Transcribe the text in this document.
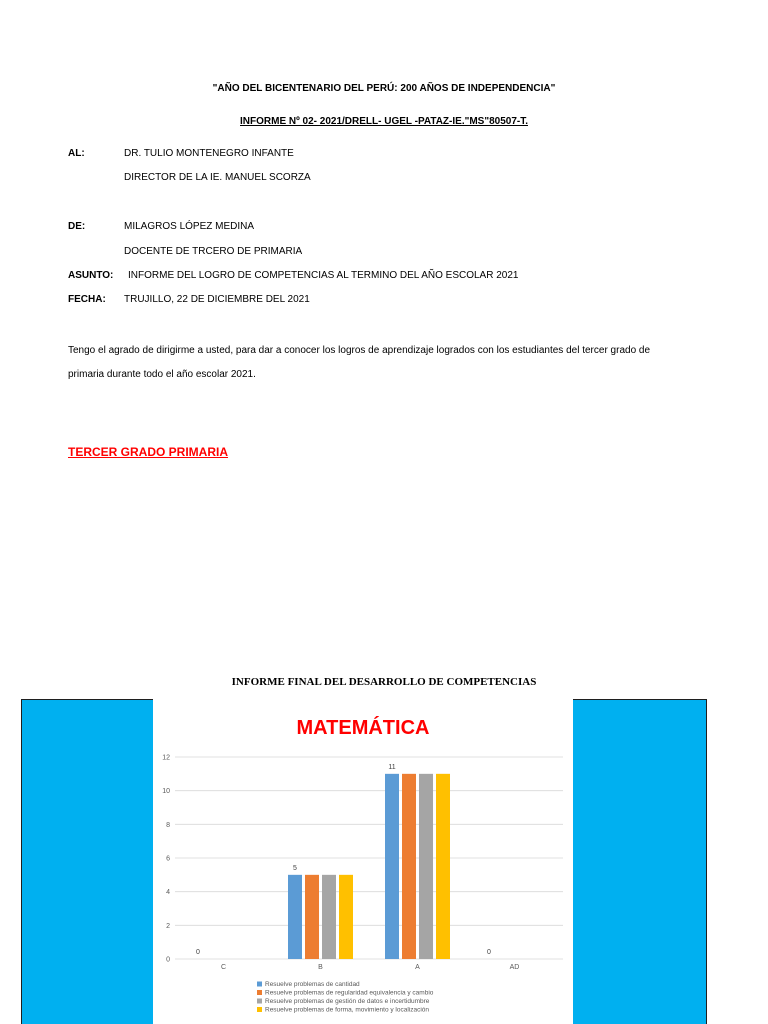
"AÑO DEL BICENTENARIO DEL PERÚ: 200 AÑOS DE INDEPENDENCIA"
INFORME Nº 02- 2021/DRELL- UGEL -PATAZ-IE."MS"80507-T.
AL:	DR. TULIO MONTENEGRO INFANTE
DIRECTOR DE LA IE. MANUEL SCORZA
DE:	MILAGROS LÓPEZ MEDINA
DOCENTE DE TRCERO DE PRIMARIA
ASUNTO: INFORME DEL LOGRO DE COMPETENCIAS AL TERMINO DEL AÑO ESCOLAR 2021
FECHA: TRUJILLO, 22 DE DICIEMBRE DEL 2021
Tengo el agrado de dirigirme a usted, para dar a conocer los logros de aprendizaje logrados con los estudiantes del tercer grado de
primaria durante todo el año escolar 2021.
TERCER GRADO PRIMARIA
INFORME FINAL DEL DESARROLLO DE COMPETENCIAS
MATEMÁTICA
0
2
4
6
8
10
12
0
C
5
B
11
A
0
AD
Resuelve problemas de cantidad
Resuelve problemas de regularidad equivalencia y cambio
Resuelve problemas de gestión de datos e incertidumbre
Resuelve problemas de forma, movimiento y localización
